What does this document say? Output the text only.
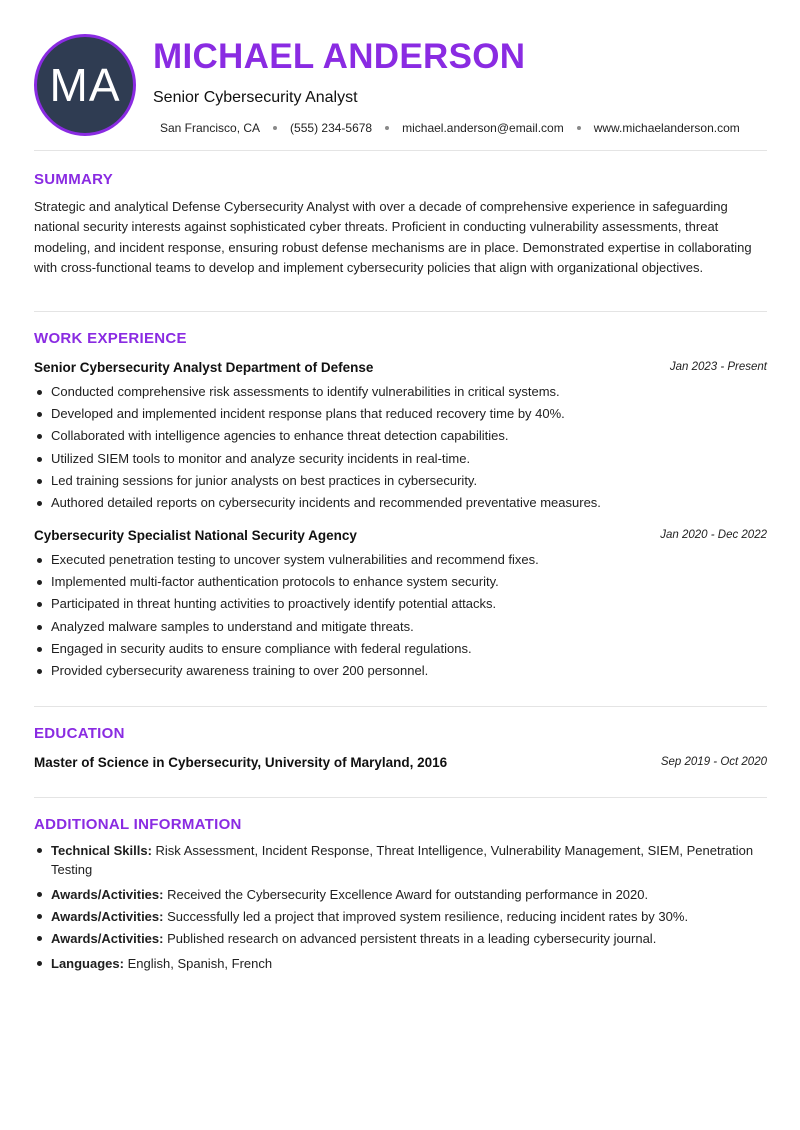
MA
MICHAEL ANDERSON
Senior Cybersecurity Analyst
San Francisco, CA	(555) 234-5678	michael.anderson@email.com	www.michaelanderson.com
SUMMARY

Strategic and analytical Defense Cybersecurity Analyst with over a decade of comprehensive experience in safeguarding national security interests against sophisticated cyber threats. Proficient in conducting vulnerability assessments, threat modeling, and incident response, ensuring robust defense mechanisms are in place. Demonstrated expertise in collaborating with cross-functional teams to develop and implement cybersecurity policies that align with organizational objectives.

WORK EXPERIENCE
Senior Cybersecurity Analyst Department of Defense	Jan 2023 - Present
Conducted comprehensive risk assessments to identify vulnerabilities in critical systems.
Developed and implemented incident response plans that reduced recovery time by 40%.
Collaborated with intelligence agencies to enhance threat detection capabilities.
Utilized SIEM tools to monitor and analyze security incidents in real-time.
Led training sessions for junior analysts on best practices in cybersecurity.
Authored detailed reports on cybersecurity incidents and recommended preventative measures.
Cybersecurity Specialist National Security Agency	Jan 2020 - Dec 2022
Executed penetration testing to uncover system vulnerabilities and recommend fixes.
Implemented multi-factor authentication protocols to enhance system security.
Participated in threat hunting activities to proactively identify potential attacks.
Analyzed malware samples to understand and mitigate threats.
Engaged in security audits to ensure compliance with federal regulations.
Provided cybersecurity awareness training to over 200 personnel.
EDUCATION
Master of Science in Cybersecurity, University of Maryland, 2016	Sep 2019 - Oct 2020
ADDITIONAL INFORMATION
Technical Skills: Risk Assessment, Incident Response, Threat Intelligence, Vulnerability Management, SIEM, Penetration Testing
Awards/Activities: Received the Cybersecurity Excellence Award for outstanding performance in 2020.
Awards/Activities: Successfully led a project that improved system resilience, reducing incident rates by 30%.
Awards/Activities: Published research on advanced persistent threats in a leading cybersecurity journal.
Languages: English, Spanish, French
